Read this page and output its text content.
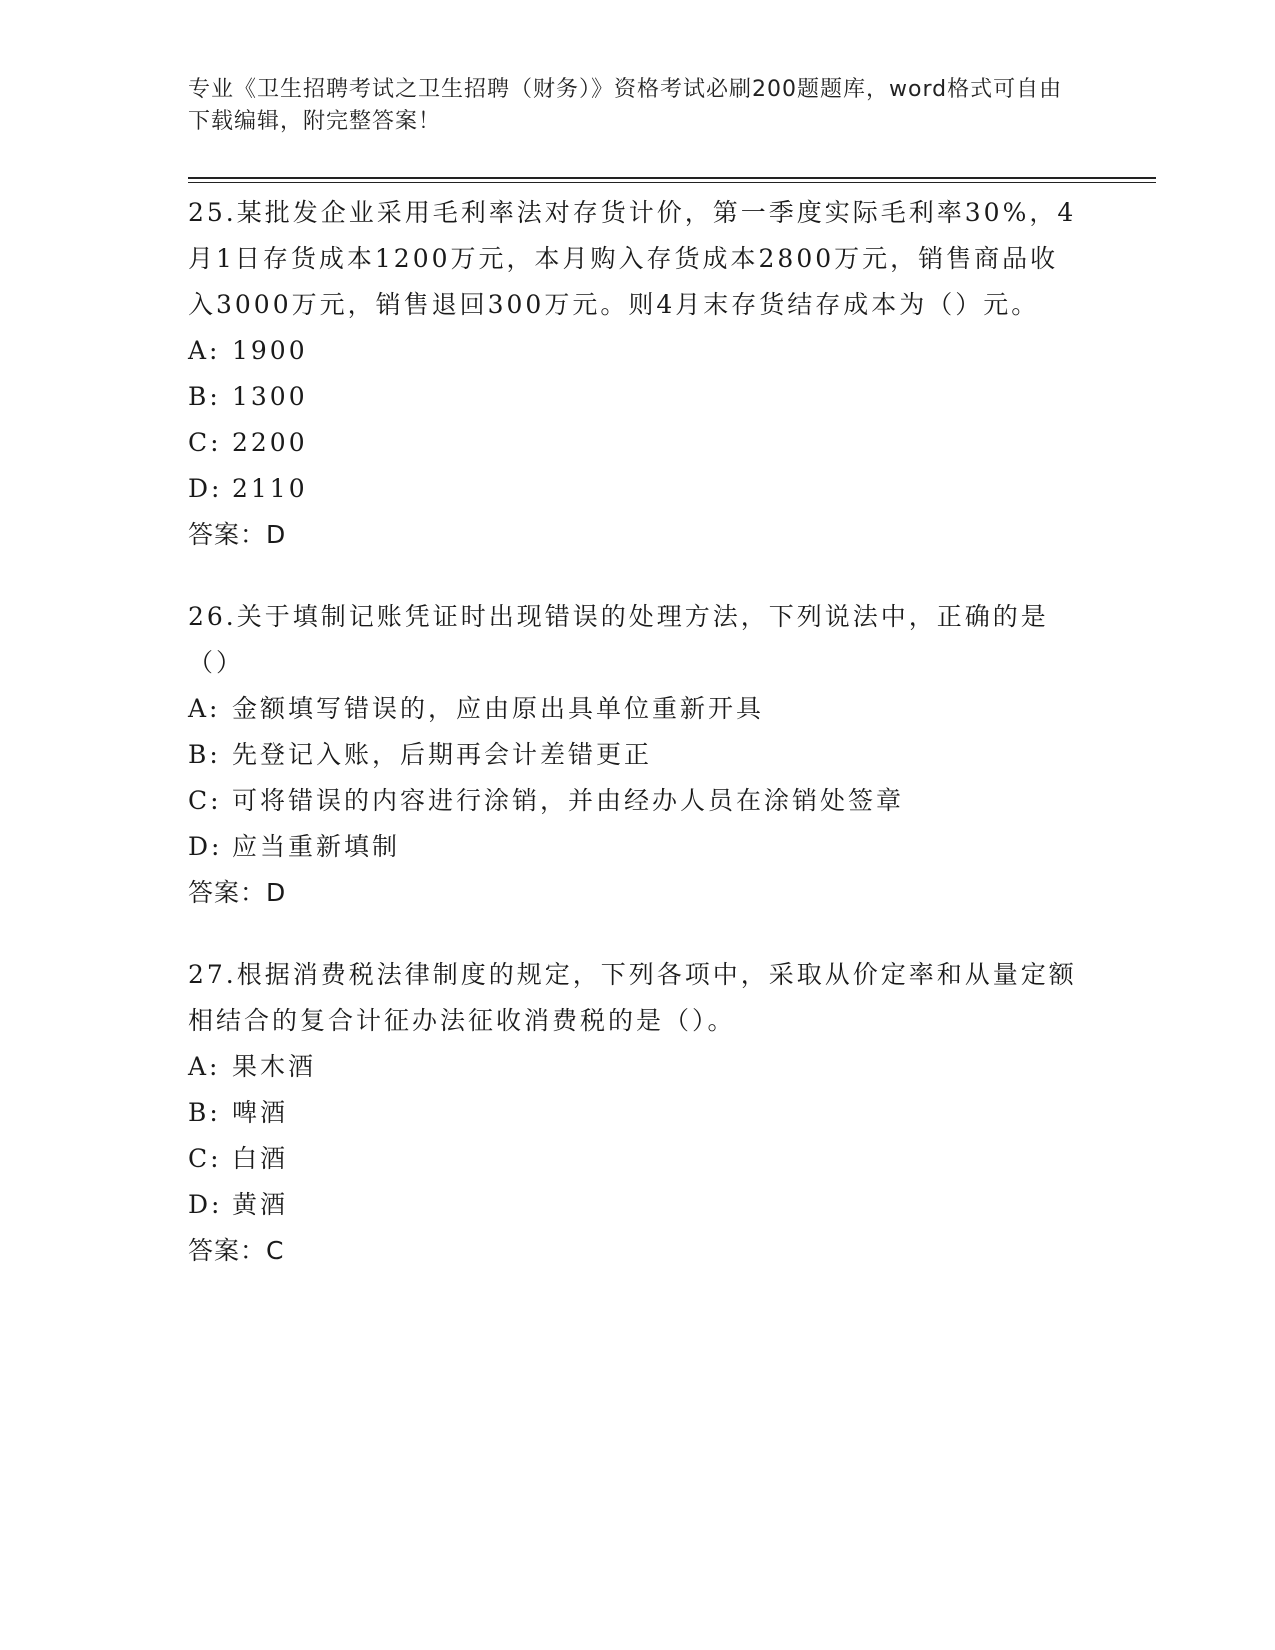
专业《卫生招聘考试之卫生招聘（财务）》资格考试必刷200题题库，word格式可自由下载编辑，附完整答案！

25.某批发企业采用毛利率法对存货计价，第一季度实际毛利率30%，4月1日存货成本1200万元，本月购入存货成本2800万元，销售商品收入3000万元，销售退回300万元。则4月末存货结存成本为（）元。

A: 1900

B: 1300

C: 2200

D: 2110

答案：D

26.关于填制记账凭证时出现错误的处理方法，下列说法中，正确的是（）

A: 金额填写错误的，应由原出具单位重新开具

B: 先登记入账，后期再会计差错更正

C: 可将错误的内容进行涂销，并由经办人员在涂销处签章

D: 应当重新填制

答案：D

27.根据消费税法律制度的规定，下列各项中，采取从价定率和从量定额相结合的复合计征办法征收消费税的是（）。

A: 果木酒

B: 啤酒

C: 白酒

D: 黄酒

答案：C
